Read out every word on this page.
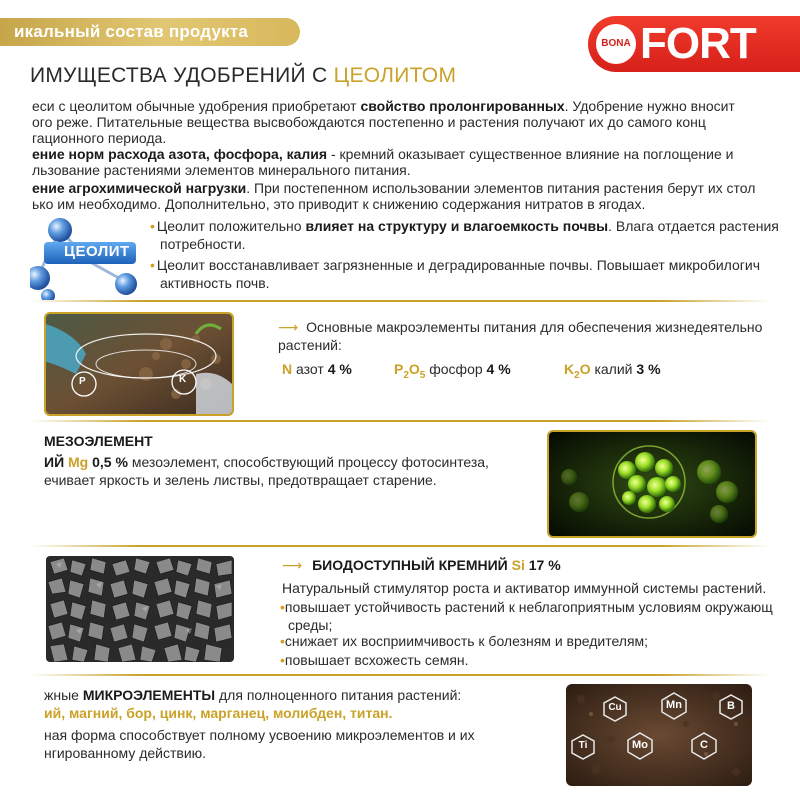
икальный состав продукта
BONA FORT
ИМУЩЕСТВА УДОБРЕНИЙ С ЦЕОЛИТОМ
еси с цеолитом обычные удобрения приобретают свойство пролонгированных. Удобрение нужно вносит
ого реже. Питательные вещества высвобождаются постепенно и растения получают их до самого конц
гационного периода.
ение норм расхода азота, фосфора, калия - кремний оказывает существенное влияние на поглощение и
льзование растениями элементов минерального питания.
ение агрохимической нагрузки. При постепенном использовании элементов питания растения берут их стол
ько им необходимо. Дополнительно, это приводит к снижению содержания нитратов в ягодах.
ЦЕОЛИТ
• Цеолит положительно влияет на структуру и влагоемкость почвы. Влага отдается растения
потребности.
• Цеолит восстанавливает загрязненные и деградированные почвы. Повышает микробилогич
активность почв.
P	K
⟶ Основные макроэлементы питания для обеспечения жизнедеятельно
растений:
N азот 4 %	$P_2O_5$ фосфор 4 %	$K_2O$ калий 3 %
МЕЗОЭЛЕМЕНТ
ИЙ Mg 0,5 % мезоэлемент, способствующий процессу фотосинтеза,
ечивает яркость и зелень листвы, предотвращает старение.
⟶ БИОДОСТУПНЫЙ КРЕМНИЙ Si 17 %
Натуральный стимулятор роста и активатор иммунной системы растений.
•повышает устойчивость растений к неблагоприятным условиям окружающ
среды;
•снижает их восприимчивость к болезням и вредителям;
•повышает всхожесть семян.
жные МИКРОЭЛЕМЕНТЫ для полноценного питания растений:
ий, магний, бор, цинк, марганец, молибден, титан.
ная форма способствует полному усвоению микроэлементов и их
нгированному действию.
Cu	Mn	B
Ti	Mo	C
